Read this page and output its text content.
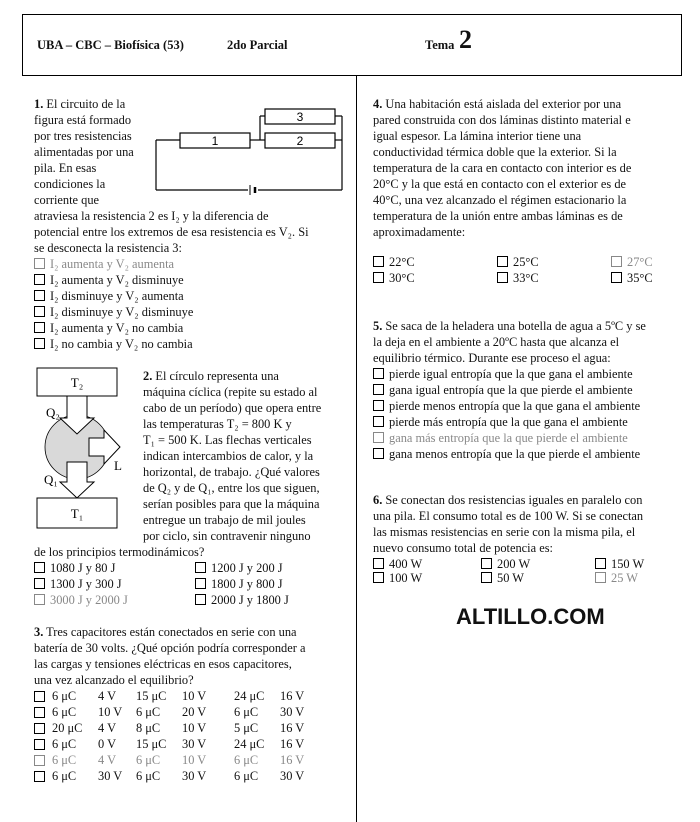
UBA – CBC – Biofísica (53)	2do Parcial	Tema 2
1. El circuito de la
figura está formado
por tres resistencias
alimentadas por una
pila. En esas
condiciones la
corriente que
atraviesa la resistencia 2 es I₂ y la diferencia de
potencial entre los extremos de esa resistencia es V₂. Si
se desconecta la resistencia 3:
I₂ aumenta y V₂ aumenta
I₂ aumenta y V₂ disminuye
I₂ disminuye y V₂ aumenta
I₂ disminuye y V₂ disminuye
I₂ aumenta y V₂ no cambia
I₂ no cambia y V₂ no cambia
3
1	2
T₂
T₁
Q₂
Q₁
L
2. El círculo representa una
máquina cíclica (repite su estado al
cabo de un período) que opera entre
las temperaturas T₂ = 800 K y
T₁ = 500 K. Las flechas verticales
indican intercambios de calor, y la
horizontal, de trabajo. ¿Qué valores
de Q₂ y de Q₁, entre los que siguen,
serían posibles para que la máquina
entregue un trabajo de mil joules
por ciclo, sin contravenir ninguno
de los principios termodinámicos?
1080 J y 80 J	1200 J y 200 J
1300 J y 300 J	1800 J y 800 J
3000 J y 2000 J	2000 J y 1800 J
3. Tres capacitores están conectados en serie con una
batería de 30 volts. ¿Qué opción podría corresponder a
las cargas y tensiones eléctricas en esos capacitores,
una vez alcanzado el equilibrio?
6 μC 4 V 15 μC 10 V 24 μC 16 V
6 μC 10 V 6 μC 20 V 6 μC 30 V
20 μC 4 V 8 μC 10 V 5 μC 16 V
6 μC 0 V 15 μC 30 V 24 μC 16 V
6 μC 4 V 6 μC 10 V 6 μC 16 V
6 μC 30 V 6 μC 30 V 6 μC 30 V
4. Una habitación está aislada del exterior por una
pared construida con dos láminas distinto material e
igual espesor. La lámina interior tiene una
conductividad térmica doble que la exterior. Si la
temperatura de la cara en contacto con interior es de
20°C y la que está en contacto con el exterior es de
40°C, una vez alcanzado el régimen estacionario la
temperatura de la unión entre ambas láminas es de
aproximadamente:
22°C	25°C	27°C
30°C	33°C	35°C
5. Se saca de la heladera una botella de agua a 5ºC y se
la deja en el ambiente a 20ºC hasta que alcanza el
equilibrio térmico. Durante ese proceso el agua:
pierde igual entropía que la que gana el ambiente
gana igual entropía que la que pierde el ambiente
pierde menos entropía que la que gana el ambiente
pierde más entropía que la que gana el ambiente
gana más entropía que la que pierde el ambiente
gana menos entropía que la que pierde el ambiente
6. Se conectan dos resistencias iguales en paralelo con
una pila. El consumo total es de 100 W. Si se conectan
las mismas resistencias en serie con la misma pila, el
nuevo consumo total de potencia es:
400 W	200 W	150 W
100 W	50 W	25 W
ALTILLO.COM
